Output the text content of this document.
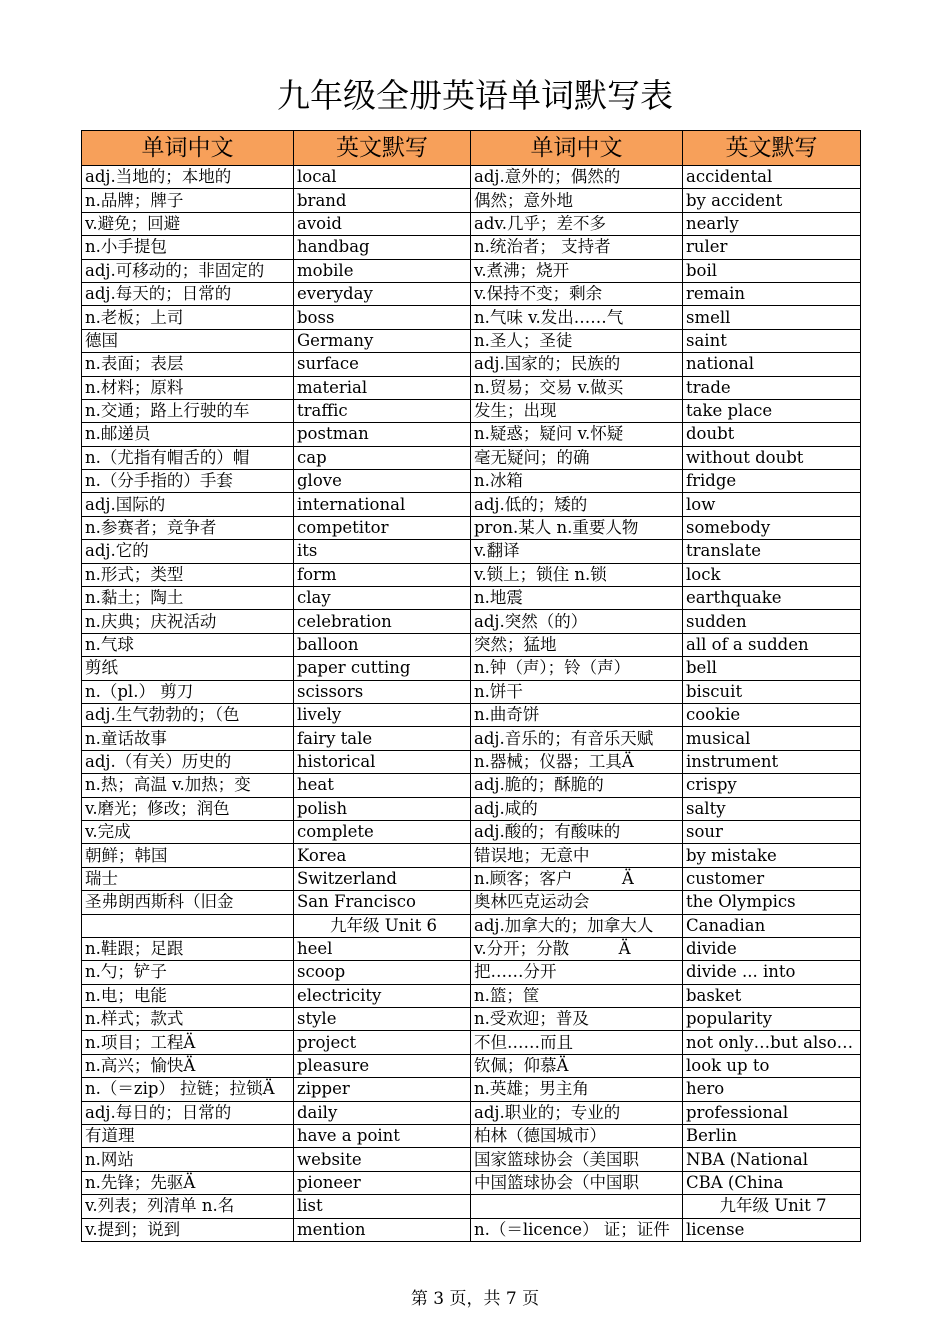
九年级全册英语单词默写表
单词中文	英文默写	单词中文	英文默写
adj.当地的；本地的	local	adj.意外的；偶然的	accidental
n.品牌；牌子	brand	偶然；意外地	by accident
v.避免；回避	avoid	adv.几乎；差不多	nearly
n.小手提包	handbag	n.统治者； 支持者	ruler
adj.可移动的；非固定的	mobile	v.煮沸；烧开	boil
adj.每天的；日常的	everyday	v.保持不变；剩余	remain
n.老板；上司	boss	n.气味 v.发出……气	smell
德国	Germany	n.圣人；圣徒	saint
n.表面；表层	surface	adj.国家的；民族的	national
n.材料；原料	material	n.贸易；交易 v.做买	trade
n.交通；路上行驶的车	traffic	发生；出现	take place
n.邮递员	postman	n.疑惑；疑问 v.怀疑	doubt
n.（尤指有帽舌的）帽	cap	毫无疑问；的确	without doubt
n.（分手指的）手套	glove	n.冰箱	fridge
adj.国际的	international	adj.低的；矮的	low
n.参赛者；竞争者	competitor	pron.某人 n.重要人物	somebody
adj.它的	its	v.翻译	translate
n.形式；类型	form	v.锁上；锁住 n.锁	lock
n.黏土；陶土	clay	n.地震	earthquake
n.庆典；庆祝活动	celebration	adj.突然（的）	sudden
n.气球	balloon	突然；猛地	all of a sudden
剪纸	paper cutting	n.钟（声）；铃（声）	bell
n.（pl.） 剪刀	scissors	n.饼干	biscuit
adj.生气勃勃的；（色	lively	n.曲奇饼	cookie
n.童话故事	fairy tale	adj.音乐的；有音乐天赋	musical
adj.（有关）历史的	historical	n.器械；仪器；工具Ä	instrument
n.热；高温 v.加热；变	heat	adj.脆的；酥脆的	crispy
v.磨光；修改；润色	polish	adj.咸的	salty
v.完成	complete	adj.酸的；有酸味的	sour
朝鲜；韩国	Korea	错误地；无意中	by mistake
瑞士	Switzerland	n.顾客；客户　　　Ä	customer
圣弗朗西斯科（旧金	San Francisco	奥林匹克运动会	the Olympics
	九年级 Unit 6	adj.加拿大的；加拿大人	Canadian
n.鞋跟；足跟	heel	v.分开；分散　　　Ä	divide
n.勺；铲子	scoop	把……分开	divide ... into
n.电；电能	electricity	n.篮；筐	basket
n.样式；款式	style	n.受欢迎；普及	popularity
n.项目；工程Ä	project	不但……而且	not only…but also…
n.高兴；愉快Ä	pleasure	钦佩；仰慕Ä	look up to
n.（＝zip） 拉链；拉锁Ä	zipper	n.英雄；男主角	hero
adj.每日的；日常的	daily	adj.职业的；专业的	professional
有道理	have a point	柏林（德国城市）	Berlin
n.网站	website	国家篮球协会（美国职	NBA (National
n.先锋；先驱Ä	pioneer	中国篮球协会（中国职	CBA (China
v.列表；列清单 n.名	list		九年级 Unit 7
v.提到；说到	mention	n.（＝licence） 证；证件	license
第 3 页，共 7 页
